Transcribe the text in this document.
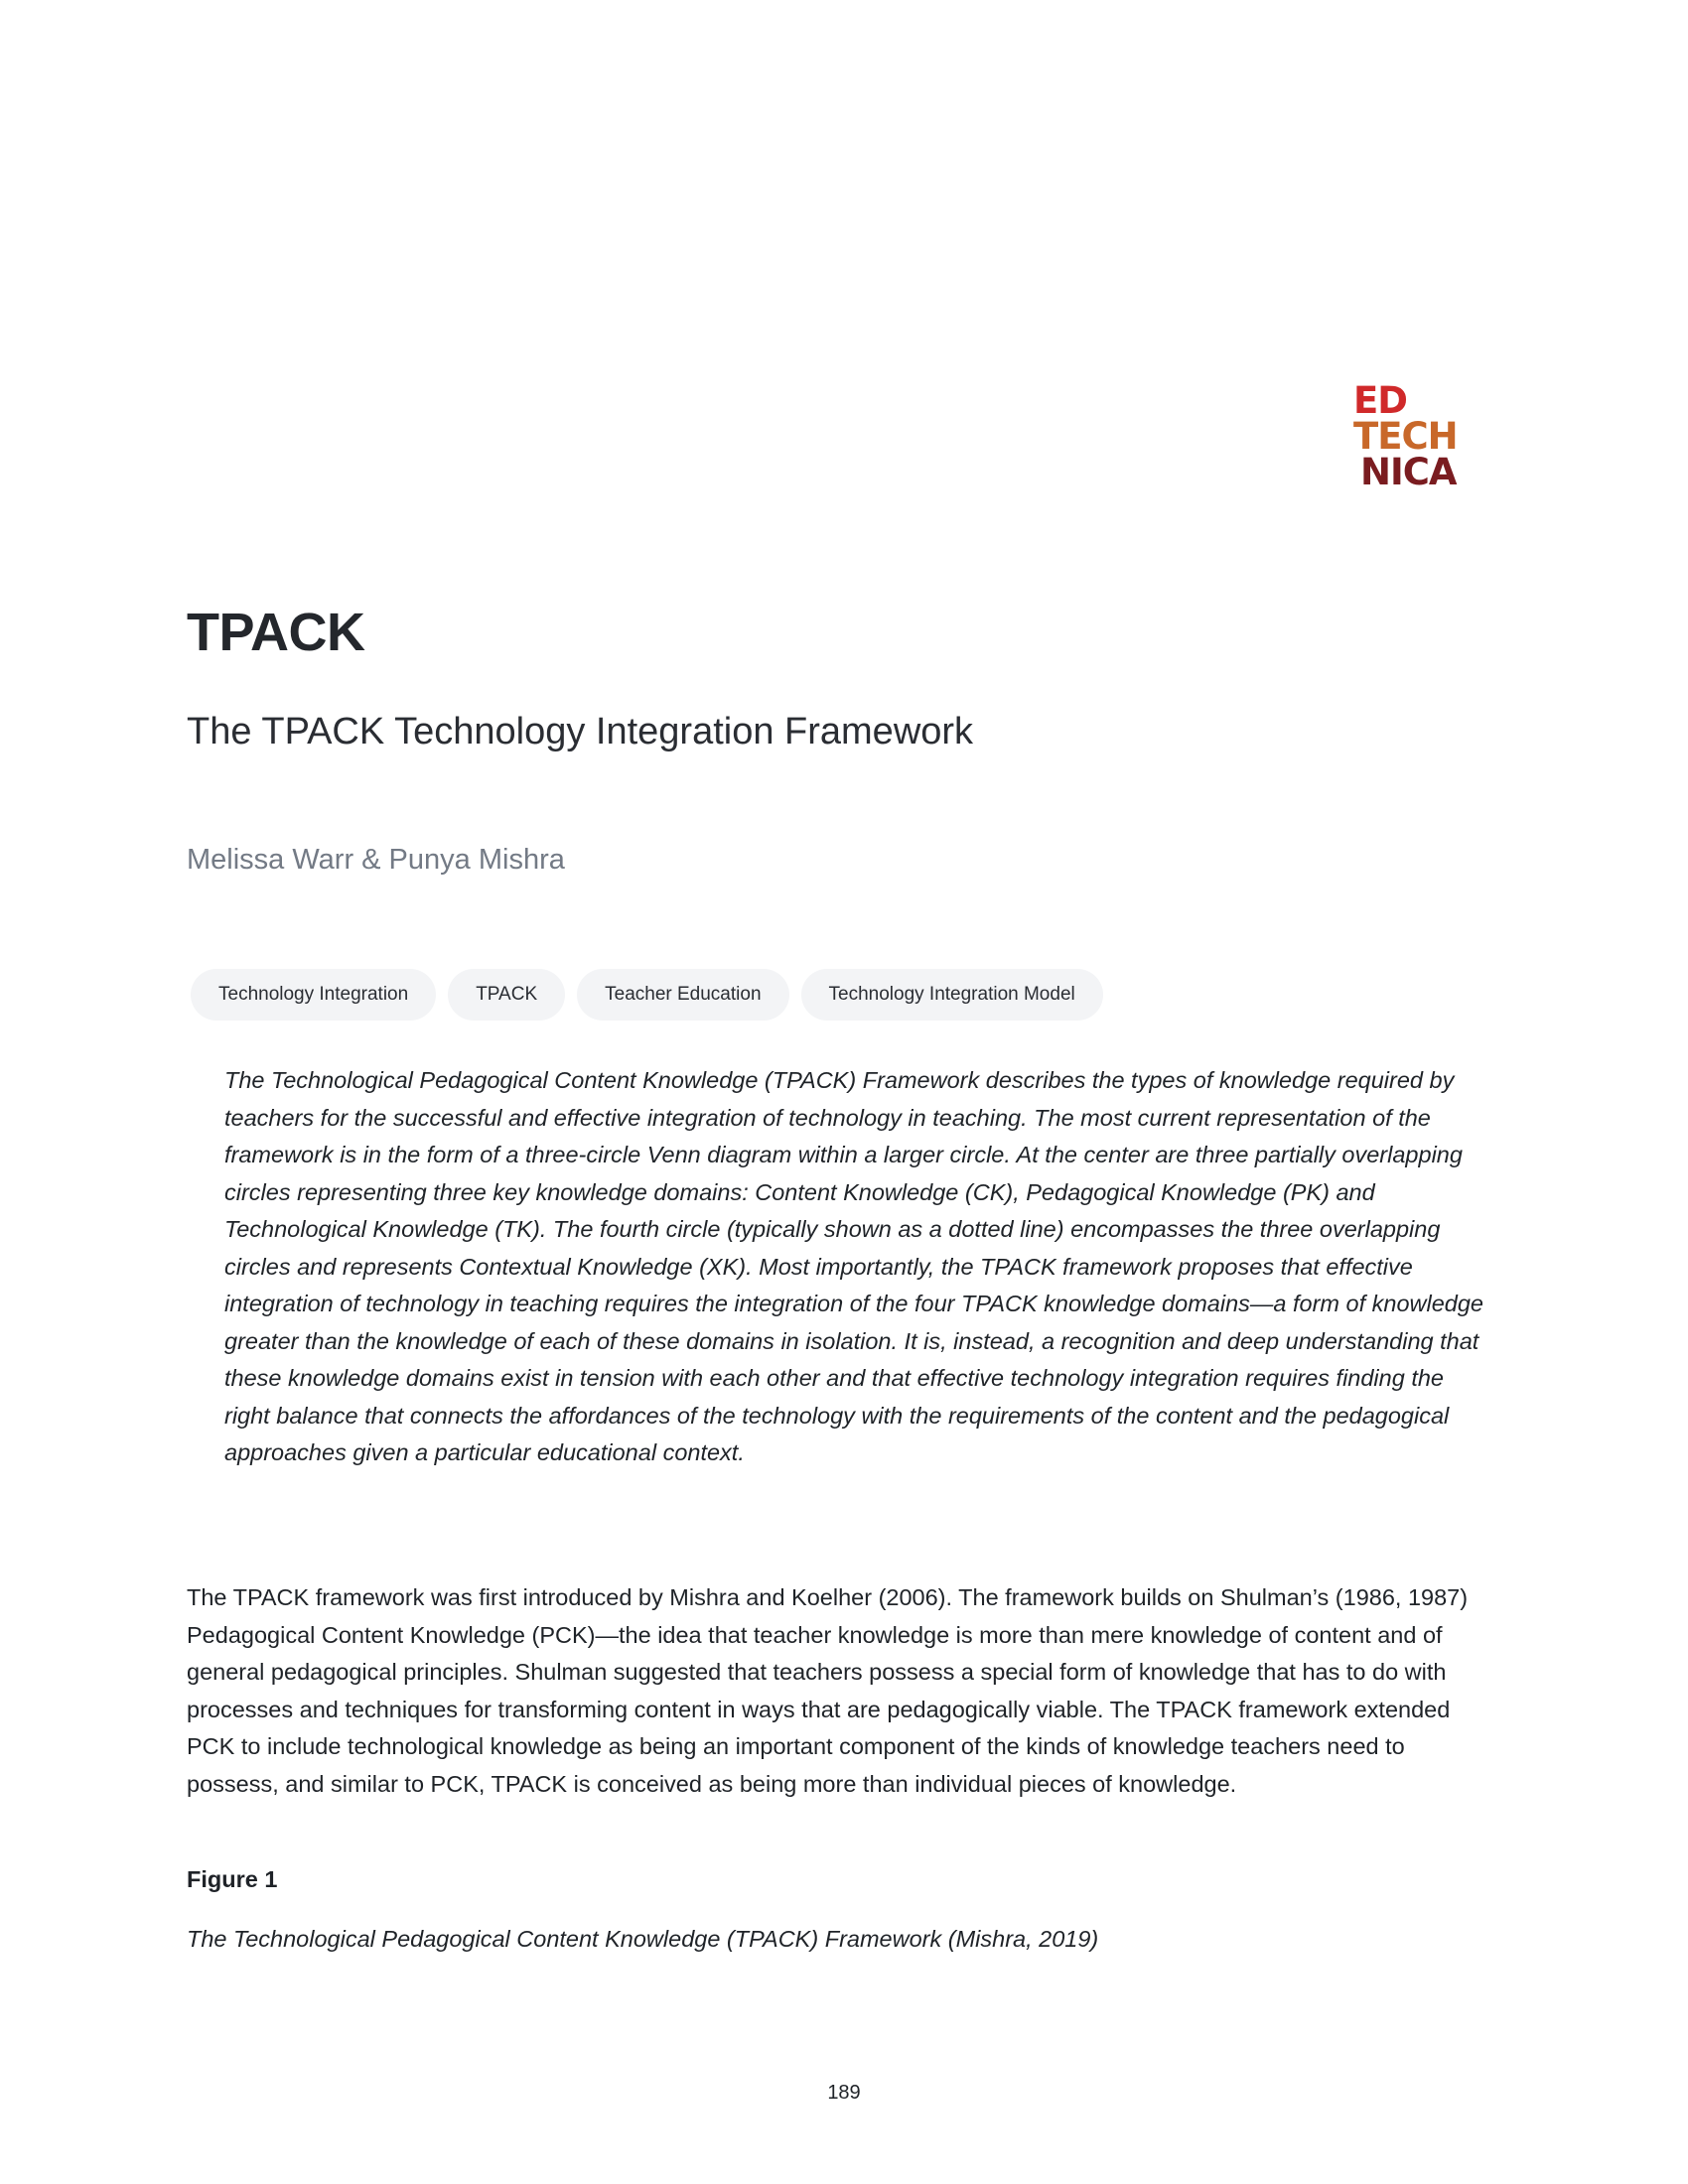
ED
TECH
NICA
TPACK
The TPACK Technology Integration Framework

Melissa Warr & Punya Mishra

Technology Integration	TPACK	Teacher Education	Technology Integration Model

The Technological Pedagogical Content Knowledge (TPACK) Framework describes the types of knowledge required by teachers for the successful and effective integration of technology in teaching. The most current representation of the framework is in the form of a three-circle Venn diagram within a larger circle. At the center are three partially overlapping circles representing three key knowledge domains: Content Knowledge (CK), Pedagogical Knowledge (PK) and Technological Knowledge (TK). The fourth circle (typically shown as a dotted line) encompasses the three overlapping circles and represents Contextual Knowledge (XK). Most importantly, the TPACK framework proposes that effective integration of technology in teaching requires the integration of the four TPACK knowledge domains—a form of knowledge greater than the knowledge of each of these domains in isolation. It is, instead, a recognition and deep understanding that these knowledge domains exist in tension with each other and that effective technology integration requires finding the right balance that connects the affordances of the technology with the requirements of the content and the pedagogical approaches given a particular educational context.

The TPACK framework was first introduced by Mishra and Koelher (2006). The framework builds on Shulman’s (1986, 1987) Pedagogical Content Knowledge (PCK)—the idea that teacher knowledge is more than mere knowledge of content and of general pedagogical principles. Shulman suggested that teachers possess a special form of knowledge that has to do with processes and techniques for transforming content in ways that are pedagogically viable. The TPACK framework extended PCK to include technological knowledge as being an important component of the kinds of knowledge teachers need to possess, and similar to PCK, TPACK is conceived as being more than individual pieces of knowledge.

Figure 1

The Technological Pedagogical Content Knowledge (TPACK) Framework (Mishra, 2019)

189
